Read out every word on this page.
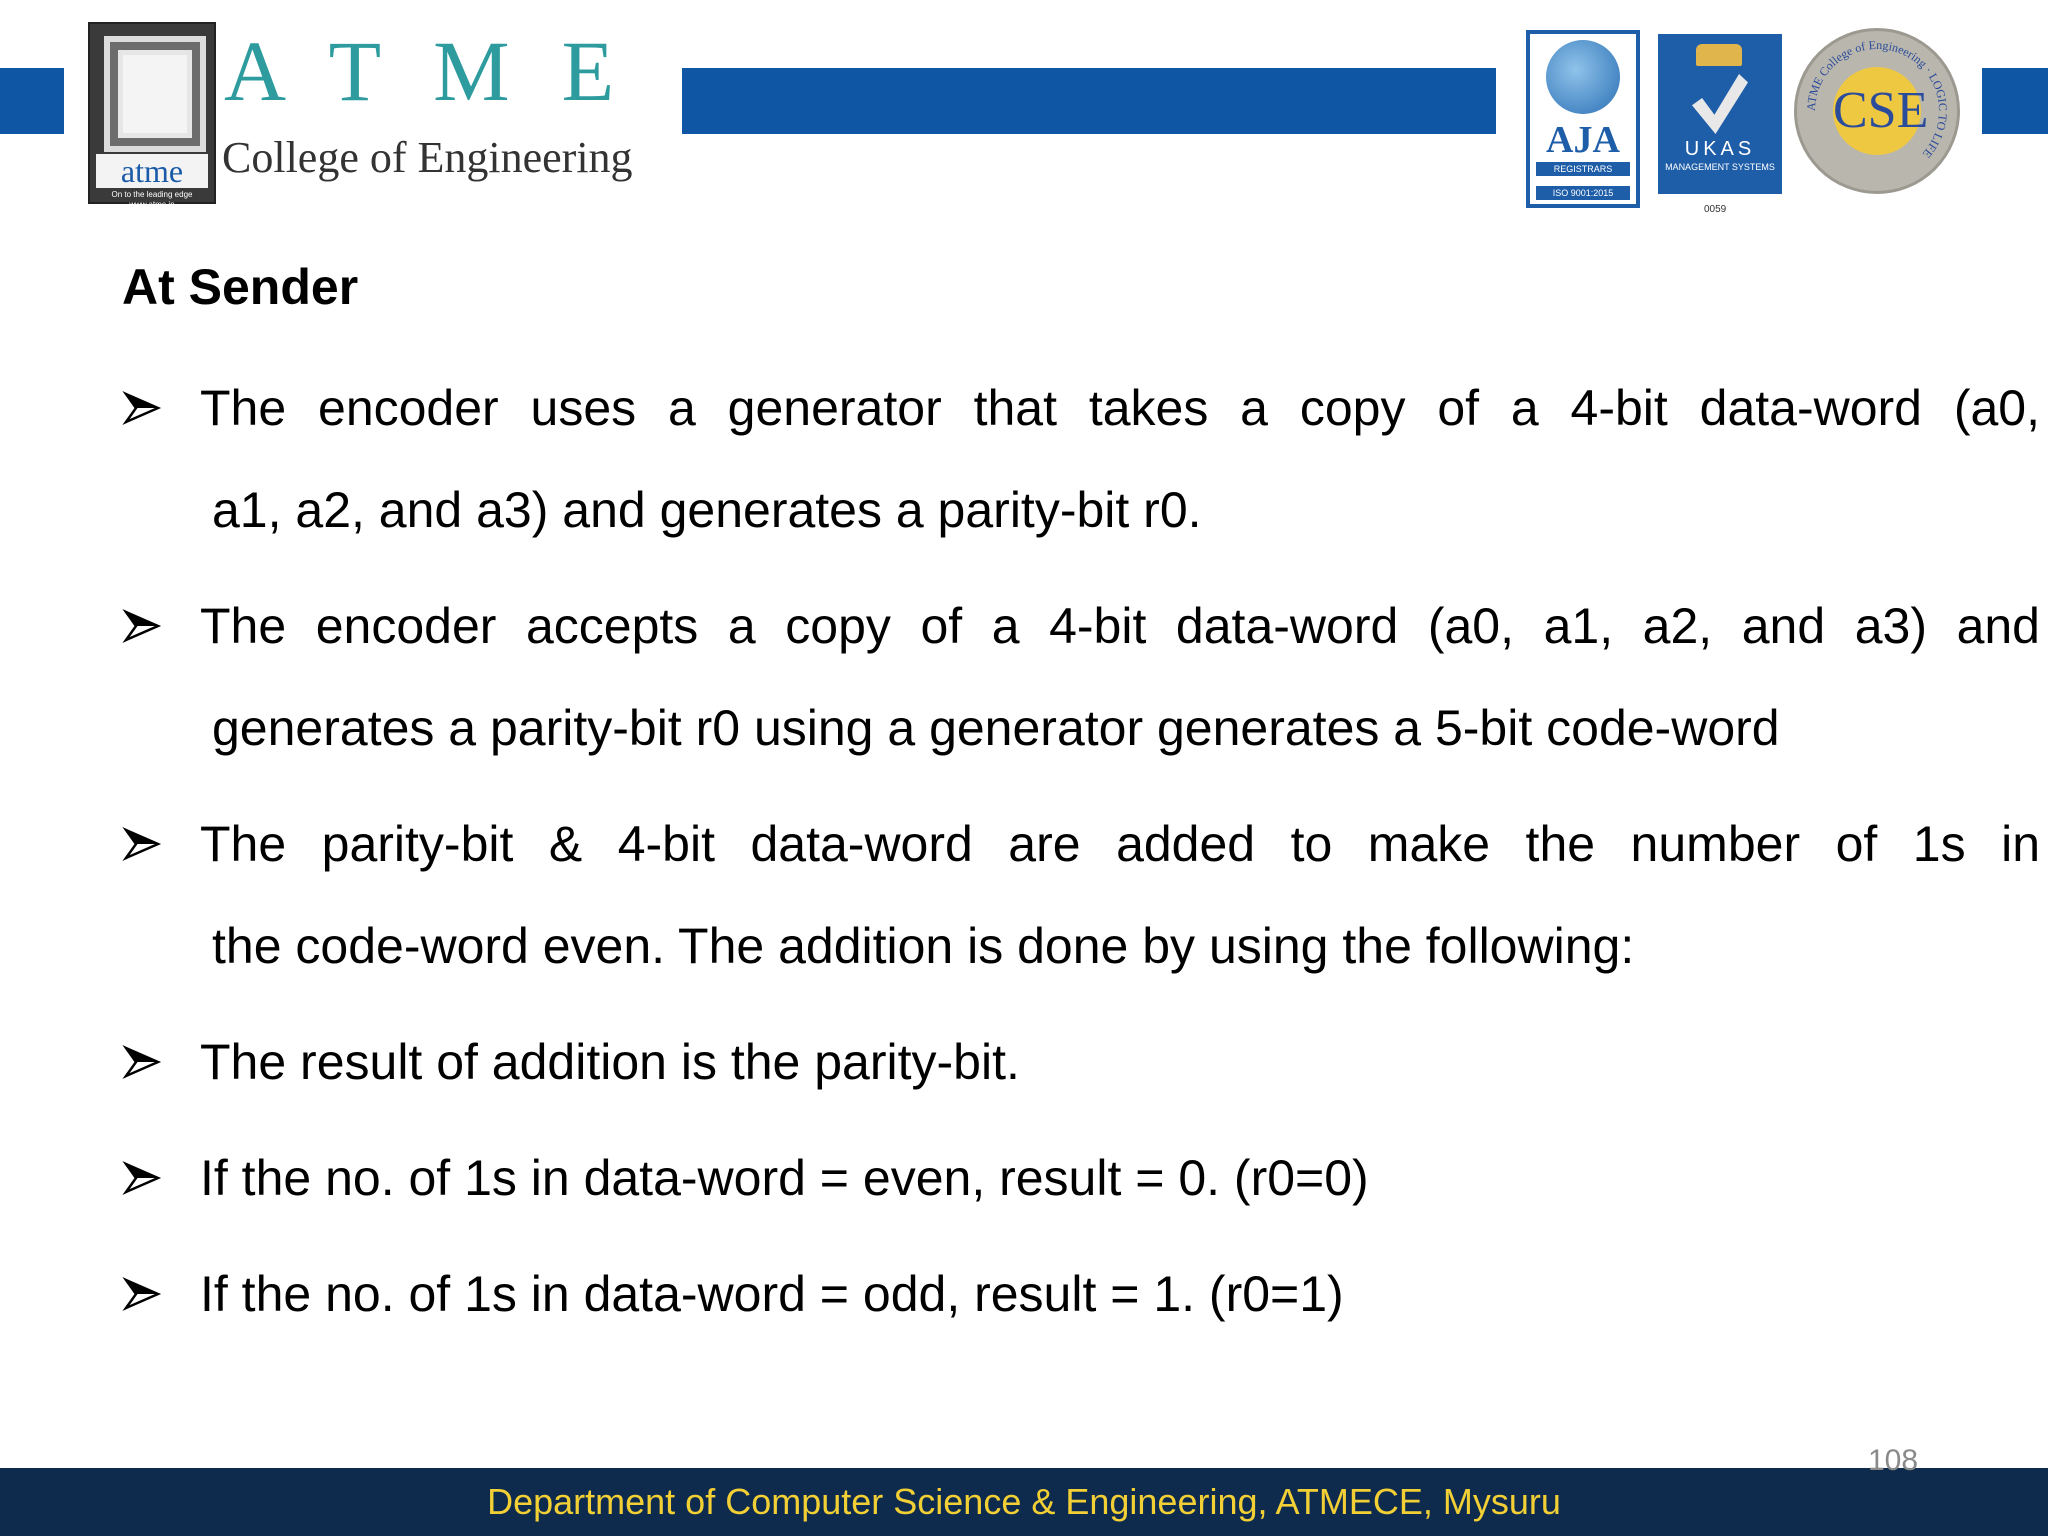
atme
On to the leading edge www.atme.in
ATME
College of Engineering	AJA
REGISTRARS
ISO 9001:2015
UKAS
MANAGEMENT SYSTEMS
0059
ATME College of Engineering · LOGIC TO LIFE
CSE
At Sender
The encoder uses a generator that takes a copy of a 4-bit data-word (a0,
a1, a2, and a3) and generates a parity-bit r0.
The encoder accepts a copy of a 4-bit data-word (a0, a1, a2, and a3) and
generates a parity-bit r0 using a generator generates a 5-bit code-word
The parity-bit & 4-bit data-word are added to make the number of 1s in
the code-word even. The addition is done by using the following:
The result of addition is the parity-bit.
If the no. of 1s in data-word = even, result = 0. (r0=0)
If the no. of 1s in data-word = odd, result = 1. (r0=1)
Department of Computer Science & Engineering, ATMECE, Mysuru
108
